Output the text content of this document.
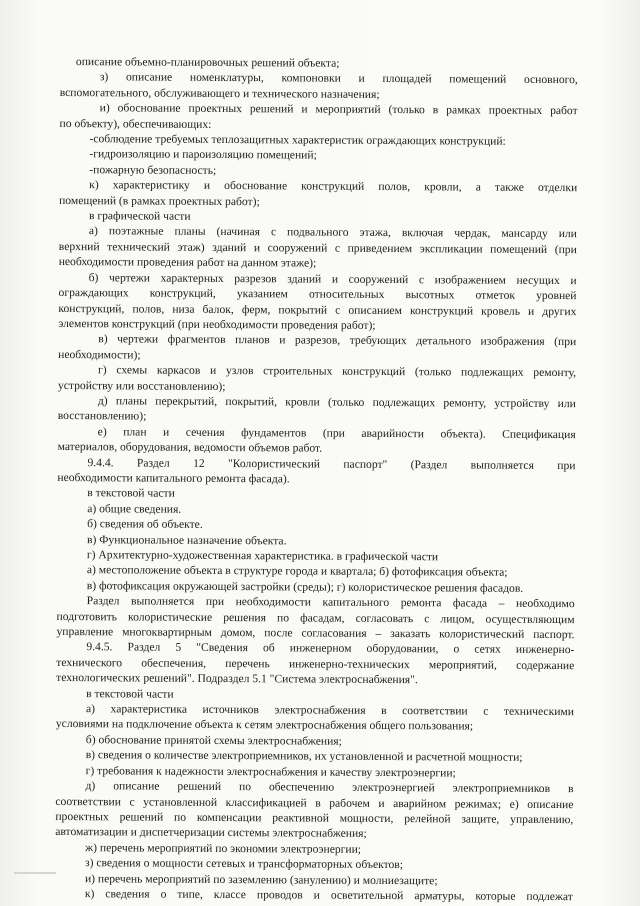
описание объемно-планировочных решений объекта;
з) описание номенклатуры, компоновки и площадей помещений основного,
вспомогательного, обслуживающего и технического назначения;
и) обоснование проектных решений и мероприятий (только в рамках проектных работ
по объекту), обеспечивающих:
-соблюдение требуемых теплозащитных характеристик ограждающих конструкций:
-гидроизоляцию и пароизоляцию помещений;
-пожарную безопасность;
к) характеристику и обоснование конструкций полов, кровли, а также отделки
помещений (в рамках проектных работ);
в графической части
а) поэтажные планы (начиная с подвального этажа, включая чердак, мансарду или
верхний технический этаж) зданий и сооружений с приведением экспликации помещений (при
необходимости проведения работ на данном этаже);
б) чертежи характерных разрезов зданий и сооружений с изображением несущих и
ограждающих конструкций, указанием относительных высотных отметок уровней
конструкций, полов, низа балок, ферм, покрытий с описанием конструкций кровель и других
элементов конструкций (при необходимости проведения работ);
в) чертежи фрагментов планов и разрезов, требующих детального изображения (при
необходимости);
г) схемы каркасов и узлов строительных конструкций (только подлежащих ремонту,
устройству или восстановлению);
д) планы перекрытий, покрытий, кровли (только подлежащих ремонту, устройству или
восстановлению);
е) план и сечения фундаментов (при аварийности объекта). Спецификация
материалов, оборудования, ведомости объемов работ.
9.4.4. Раздел 12 "Колористический паспорт" (Раздел выполняется при
необходимости капитального ремонта фасада).
в текстовой части
а) общие сведения.
б) сведения об объекте.
в) Функциональное назначение объекта.
г) Архитектурно-художественная характеристика. в графической части
а) местоположение объекта в структуре города и квартала; б) фотофиксация объекта;
в) фотофиксация окружающей застройки (среды); г) колористическое решения фасадов.
Раздел выполняется при необходимости капитального ремонта фасада – необходимо
подготовить колористические решения по фасадам, согласовать с лицом, осуществляющим
управление многоквартирным домом, после согласования – заказать колористический паспорт.
9.4.5. Раздел 5 "Сведения об инженерном оборудовании, о сетях инженерно-
технического обеспечения, перечень инженерно-технических мероприятий, содержание
технологических решений". Подраздел 5.1 "Система электроснабжения".
в текстовой части
а) характеристика источников электроснабжения в соответствии с техническими
условиями на подключение объекта к сетям электроснабжения общего пользования;
б) обоснование принятой схемы электроснабжения;
в) сведения о количестве электроприемников, их установленной и расчетной мощности;
г) требования к надежности электроснабжения и качеству электроэнергии;
д) описание решений по обеспечению электроэнергией электроприемников в
соответствии с установленной классификацией в рабочем и аварийном режимах; е) описание
проектных решений по компенсации реактивной мощности, релейной защите, управлению,
автоматизации и диспетчеризации системы электроснабжения;
ж) перечень мероприятий по экономии электроэнергии;
з) сведения о мощности сетевых и трансформаторных объектов;
и) перечень мероприятий по заземлению (занулению) и молниезащите;
к) сведения о типе, классе проводов и осветительной арматуры, которые подлежат
